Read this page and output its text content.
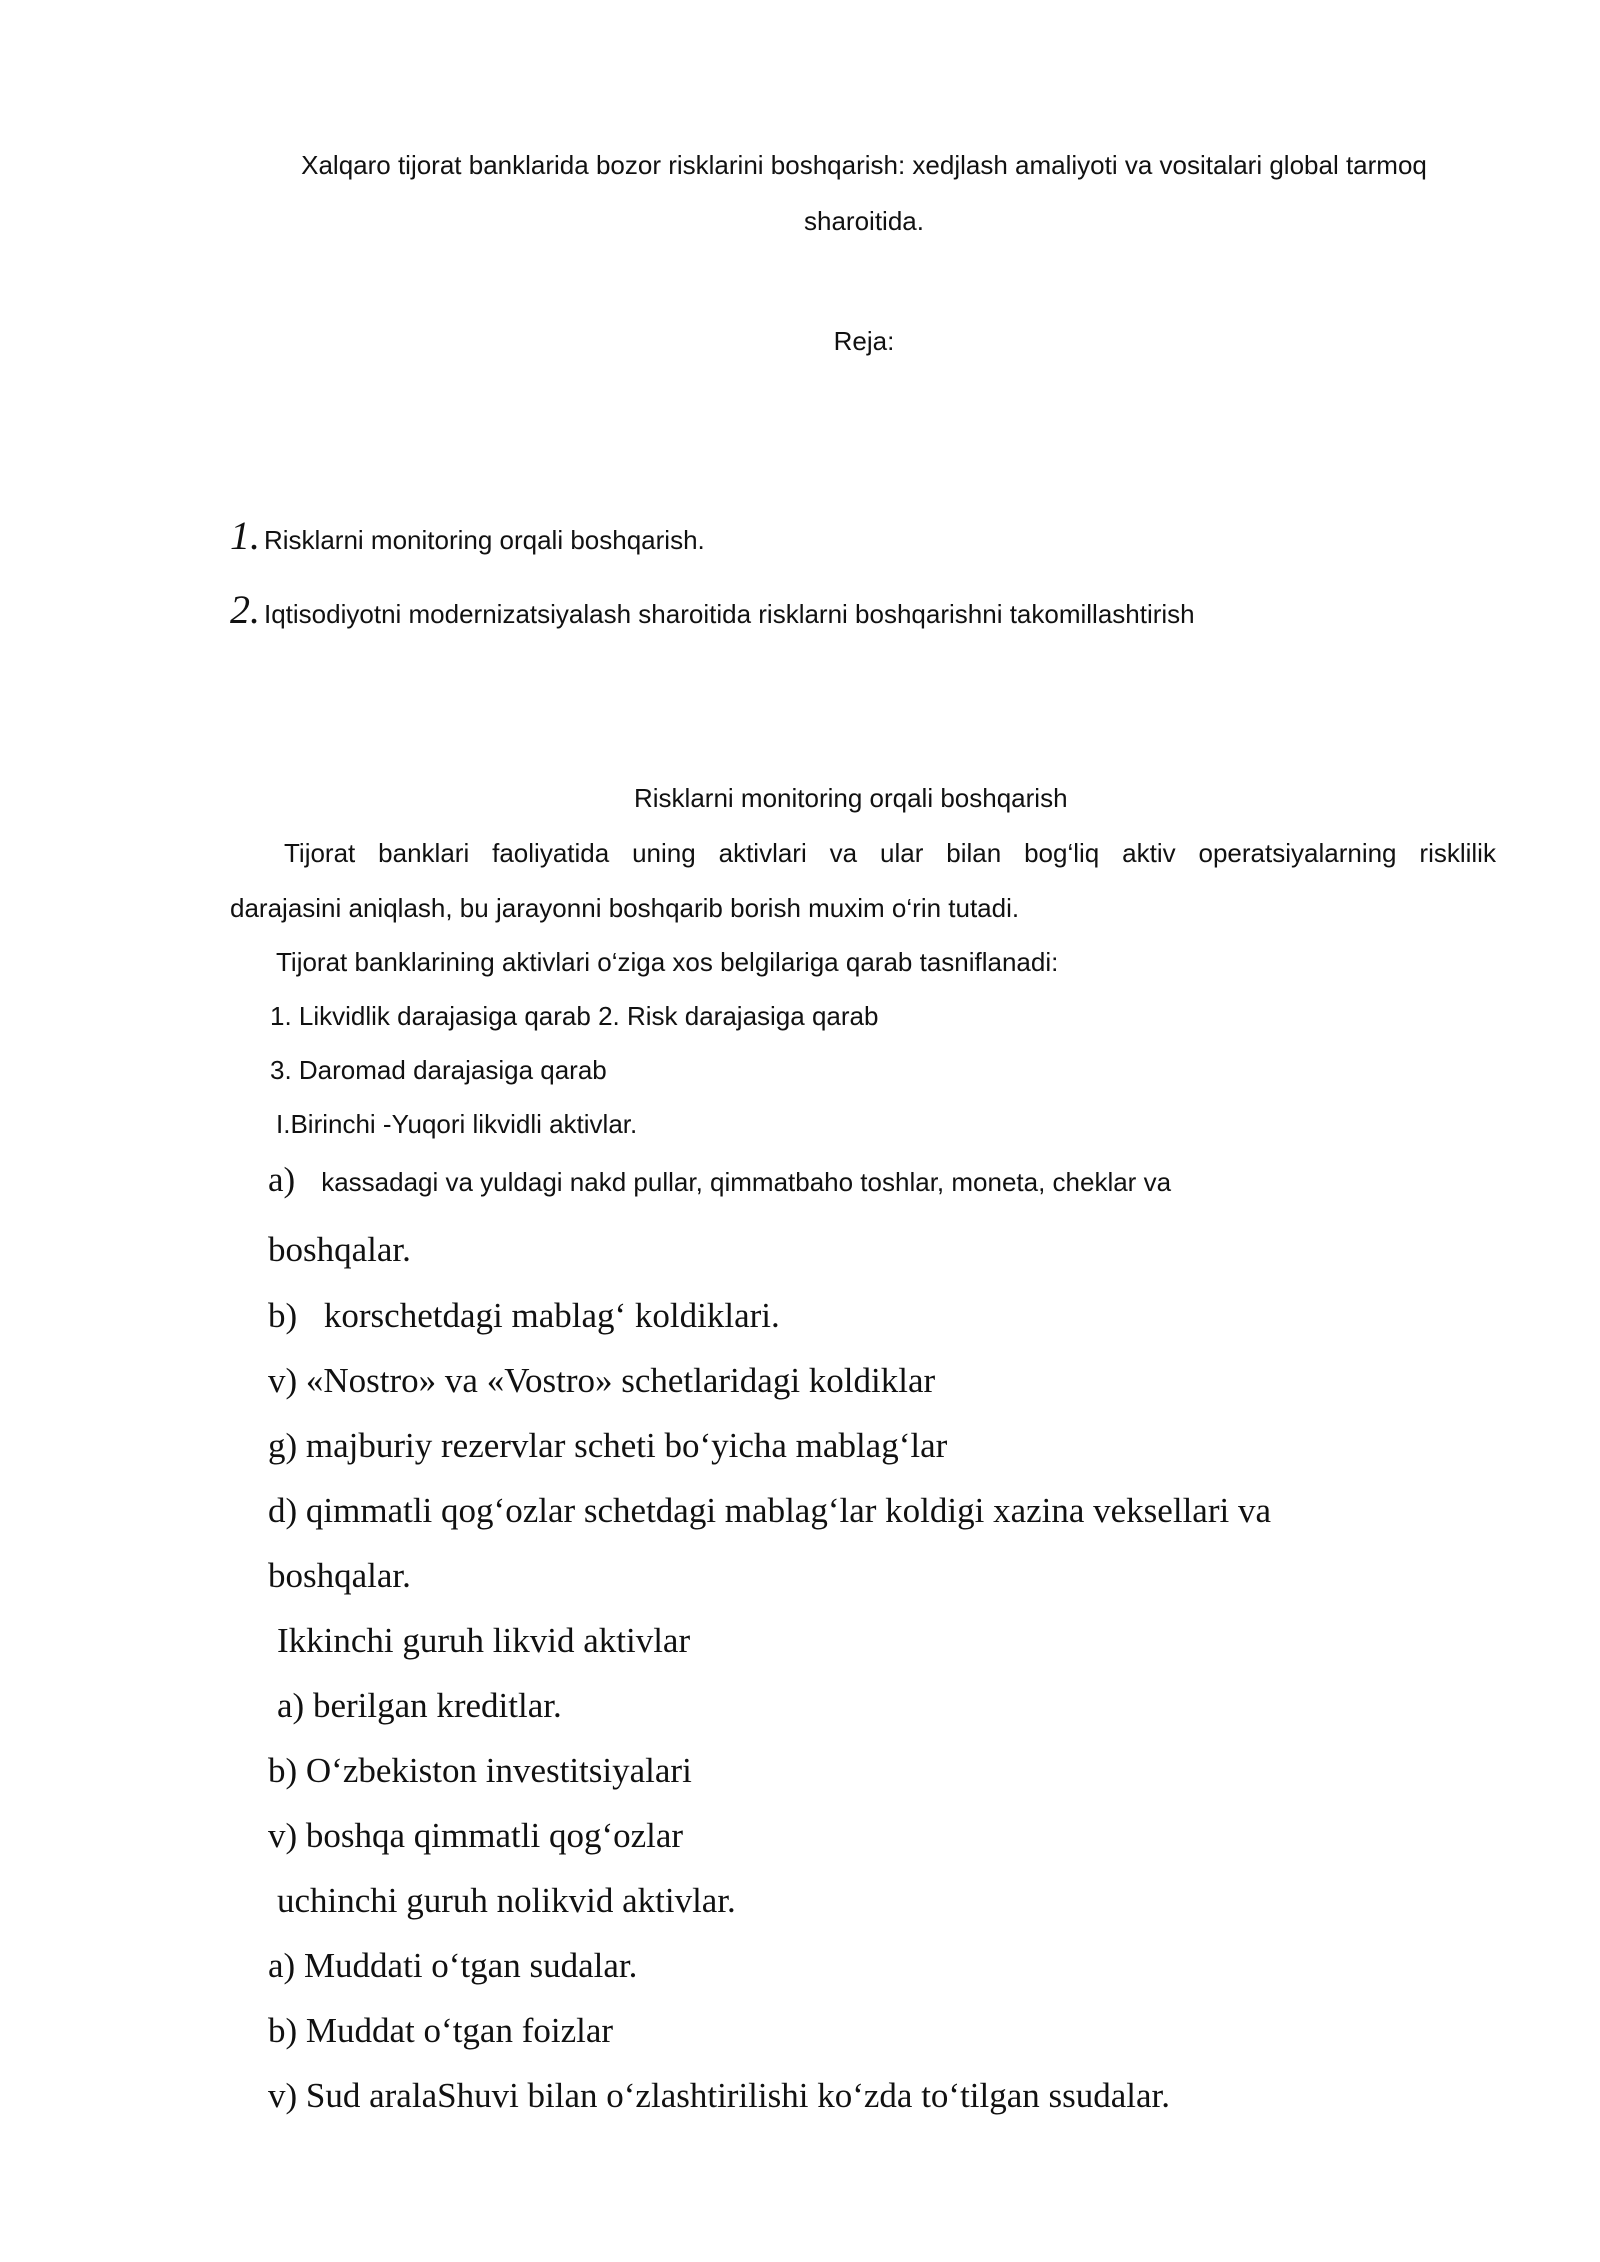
Xalqaro tijorat banklarida bozor risklarini boshqarish: xedjlash amaliyoti va vositalari global tarmoq
sharoitida.
Reja:
1. Risklarni monitoring orqali boshqarish.
2. Iqtisodiyotni modernizatsiyalash sharoitida risklarni boshqarishni takomillashtirish
Risklarni monitoring orqali boshqarish
Tijorat banklari faoliyatida uning aktivlari va ular bilan bog‘liq aktiv operatsiyalarning risklilik
darajasini aniqlash, bu jarayonni boshqarib borish muxim o‘rin tutadi.
Tijorat banklarining aktivlari o‘ziga xos belgilariga qarab tasniflanadi:
1. Likvidlik darajasiga qarab 2. Risk darajasiga qarab
3. Daromad darajasiga qarab
I.Birinchi -Yuqori likvidli aktivlar.
a) kassadagi va yuldagi nakd pullar, qimmatbaho toshlar, moneta, cheklar va
boshqalar.
b) korschetdagi mablag‘ koldiklari.
v) «Nostro» va «Vostro» schetlaridagi koldiklar
g) majburiy rezervlar scheti bo‘yicha mablag‘lar
d) qimmatli qog‘ozlar schetdagi mablag‘lar koldigi xazina veksellari va
boshqalar.
Ikkinchi guruh likvid aktivlar
a) berilgan kreditlar.
b) O‘zbekiston investitsiyalari
v) boshqa qimmatli qog‘ozlar
uchinchi guruh nolikvid aktivlar.
a) Muddati o‘tgan sudalar.
b) Muddat o‘tgan foizlar
v) Sud aralaShuvi bilan o‘zlashtirilishi ko‘zda to‘tilgan ssudalar.
